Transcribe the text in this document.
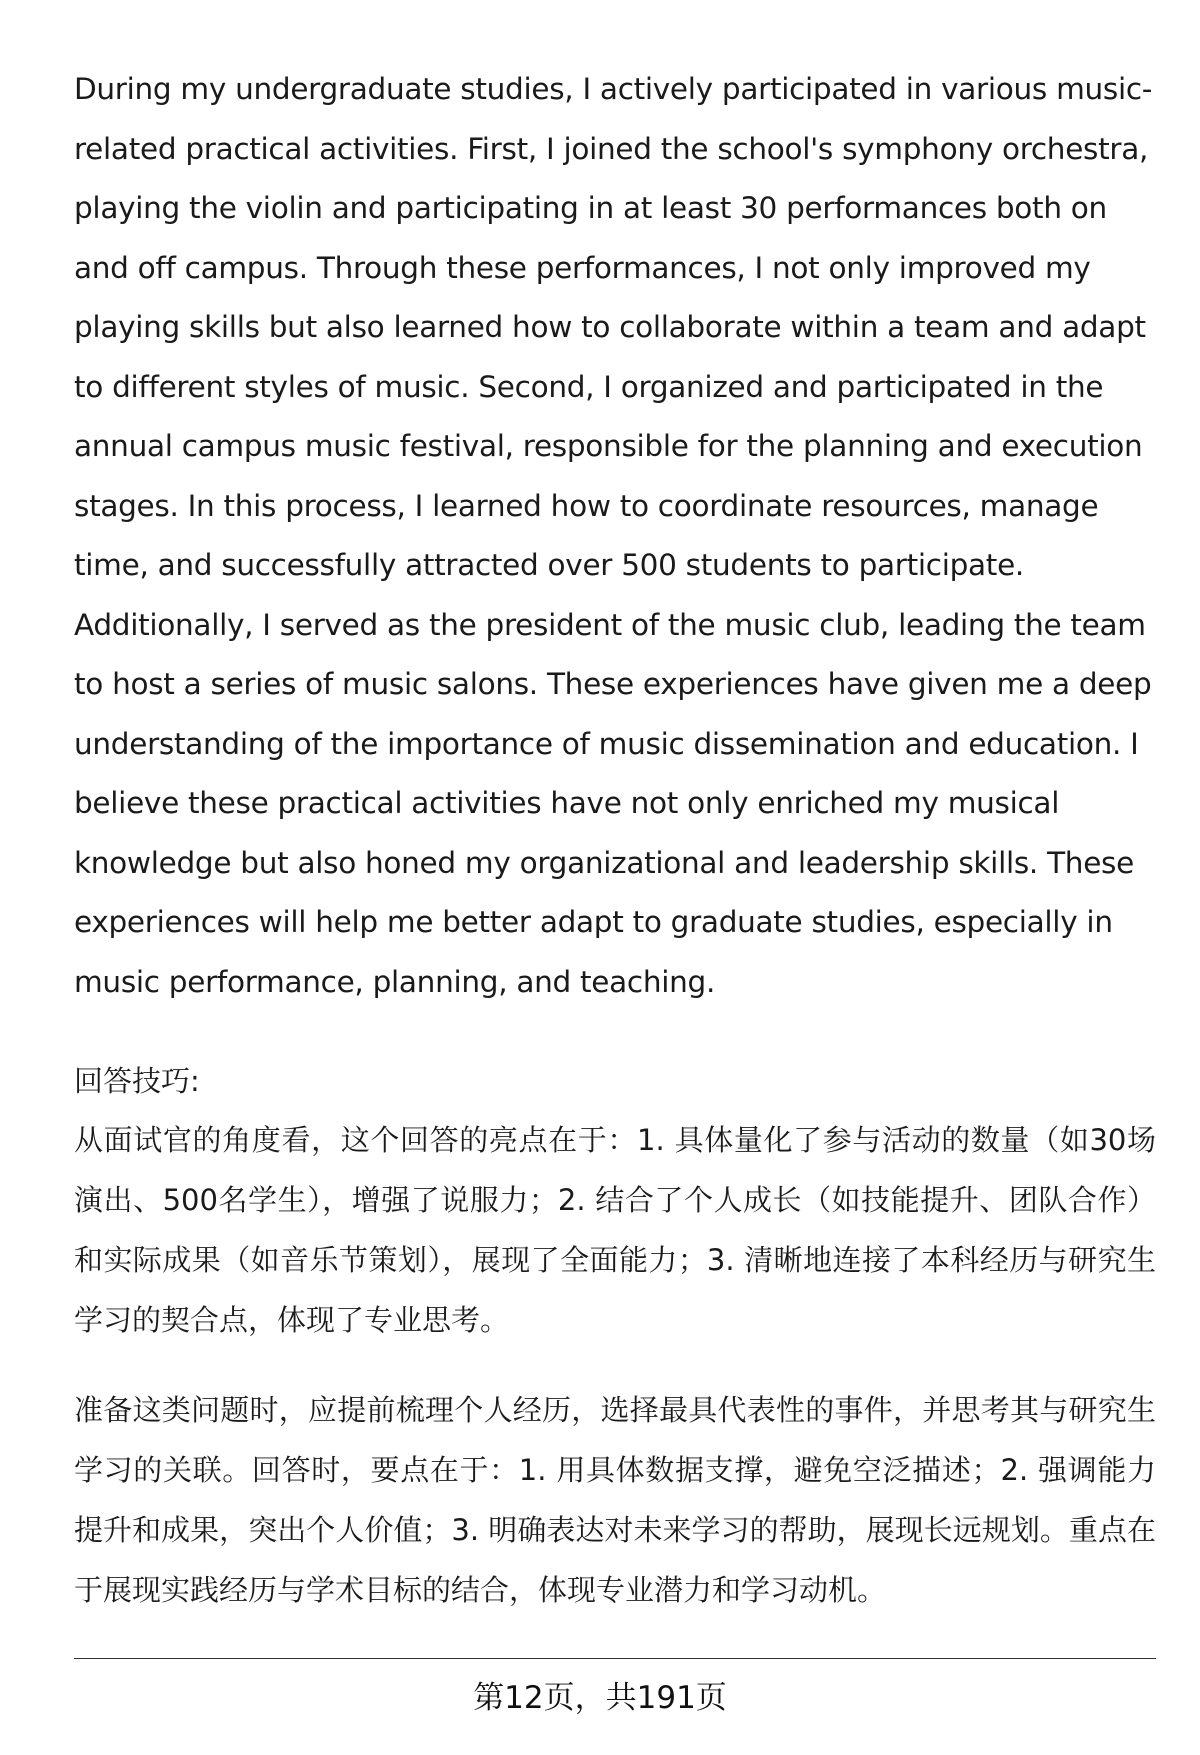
During my undergraduate studies, I actively participated in various music-related practical activities. First, I joined the school's symphony orchestra, playing the violin and participating in at least 30 performances both on and off campus. Through these performances, I not only improved my playing skills but also learned how to collaborate within a team and adapt to different styles of music. Second, I organized and participated in the annual campus music festival, responsible for the planning and execution stages. In this process, I learned how to coordinate resources, manage time, and successfully attracted over 500 students to participate. Additionally, I served as the president of the music club, leading the team to host a series of music salons. These experiences have given me a deep understanding of the importance of music dissemination and education. I believe these practical activities have not only enriched my musical knowledge but also honed my organizational and leadership skills. These experiences will help me better adapt to graduate studies, especially in music performance, planning, and teaching.

回答技巧:

从面试官的角度看，这个回答的亮点在于：1. 具体量化了参与活动的数量（如30场演出、500名学生），增强了说服力；2. 结合了个人成长（如技能提升、团队合作）和实际成果（如音乐节策划），展现了全面能力；3. 清晰地连接了本科经历与研究生学习的契合点，体现了专业思考。

准备这类问题时，应提前梳理个人经历，选择最具代表性的事件，并思考其与研究生学习的关联。回答时，要点在于：1. 用具体数据支撑，避免空泛描述；2. 强调能力提升和成果，突出个人价值；3. 明确表达对未来学习的帮助，展现长远规划。重点在于展现实践经历与学术目标的结合，体现专业潜力和学习动机。

第12页，共191页
